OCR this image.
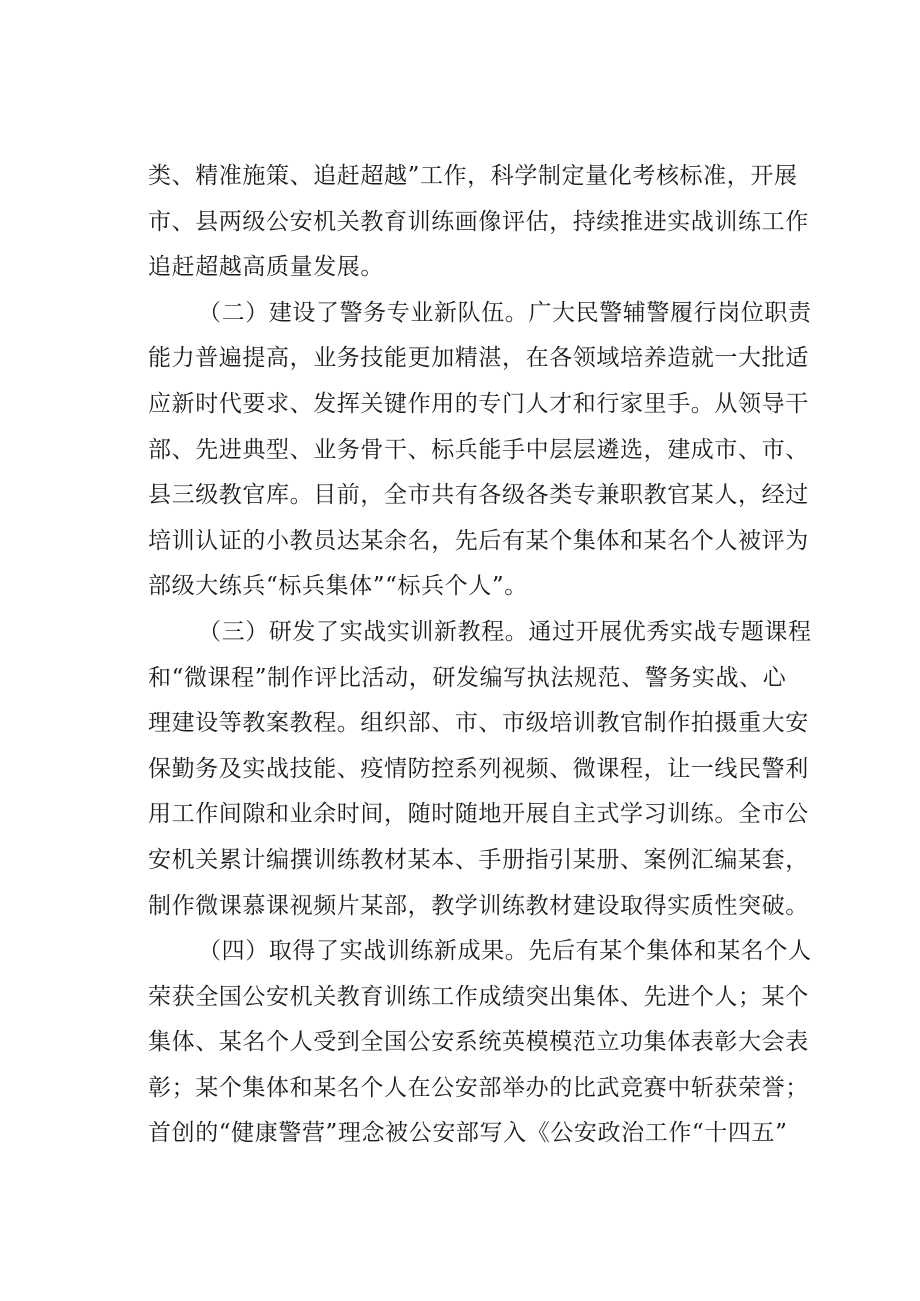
类、精准施策、追赶超越”工作，科学制定量化考核标准，开展

市、县两级公安机关教育训练画像评估，持续推进实战训练工作

追赶超越高质量发展。

（二）建设了警务专业新队伍。广大民警辅警履行岗位职责

能力普遍提高，业务技能更加精湛，在各领域培养造就一大批适

应新时代要求、发挥关键作用的专门人才和行家里手。从领导干

部、先进典型、业务骨干、标兵能手中层层遴选，建成市、市、

县三级教官库。目前，全市共有各级各类专兼职教官某人，经过

培训认证的小教员达某余名，先后有某个集体和某名个人被评为

部级大练兵“标兵集体”“标兵个人”。

（三）研发了实战实训新教程。通过开展优秀实战专题课程

和“微课程”制作评比活动，研发编写执法规范、警务实战、心

理建设等教案教程。组织部、市、市级培训教官制作拍摄重大安

保勤务及实战技能、疫情防控系列视频、微课程，让一线民警利

用工作间隙和业余时间，随时随地开展自主式学习训练。全市公

安机关累计编撰训练教材某本、手册指引某册、案例汇编某套，

制作微课慕课视频片某部，教学训练教材建设取得实质性突破。

（四）取得了实战训练新成果。先后有某个集体和某名个人

荣获全国公安机关教育训练工作成绩突出集体、先进个人；某个

集体、某名个人受到全国公安系统英模模范立功集体表彰大会表

彰；某个集体和某名个人在公安部举办的比武竞赛中斩获荣誉；

首创的“健康警营”理念被公安部写入《公安政治工作“十四五”
